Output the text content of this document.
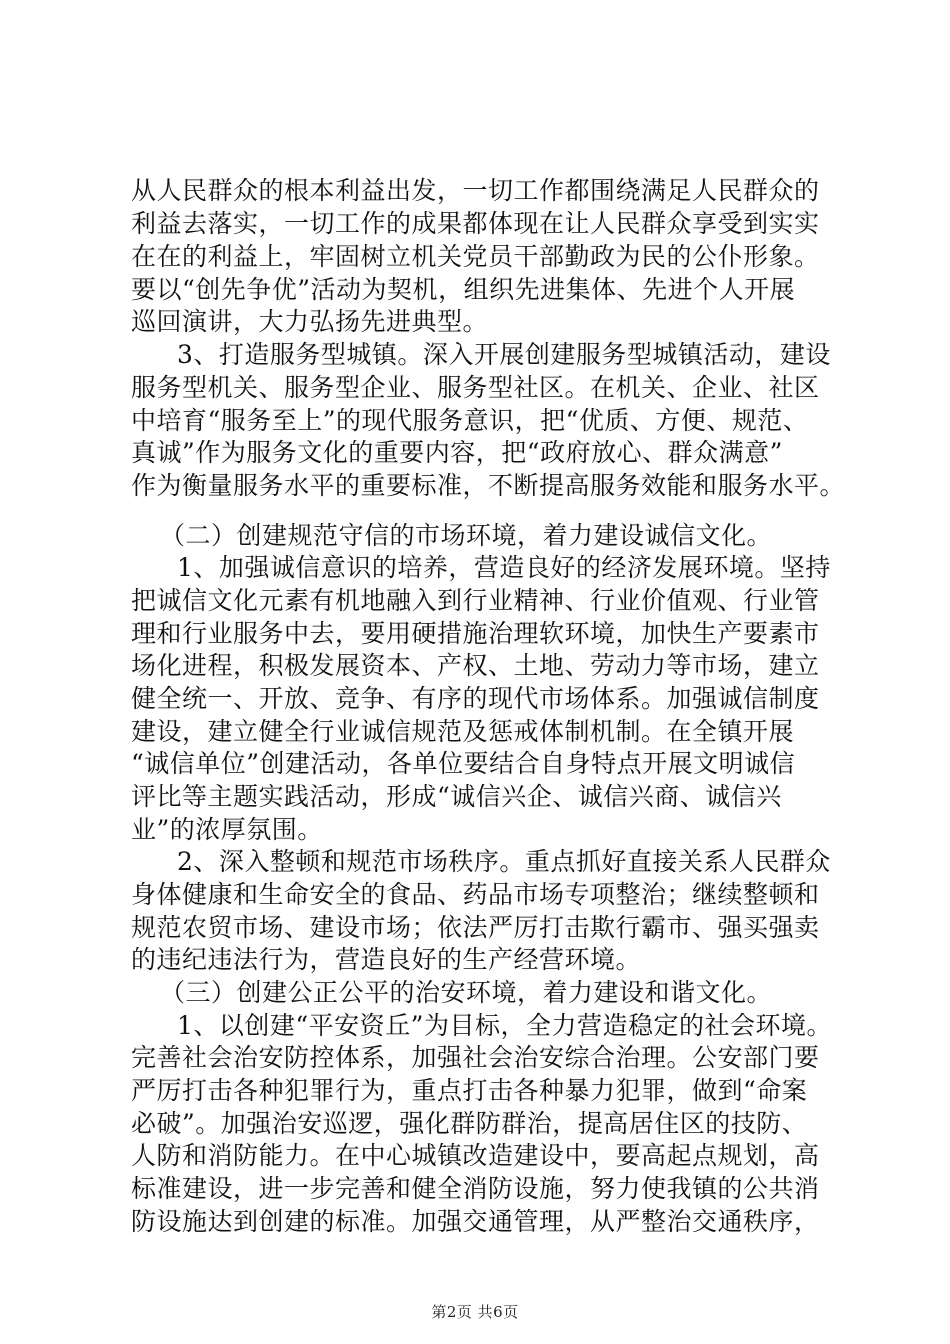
从人民群众的根本利益出发，一切工作都围绕满足人民群众的
利益去落实，一切工作的成果都体现在让人民群众享受到实实
在在的利益上，牢固树立机关党员干部勤政为民的公仆形象。
要以“创先争优”活动为契机，组织先进集体、先进个人开展
巡回演讲，大力弘扬先进典型。
3、打造服务型城镇。深入开展创建服务型城镇活动，建设
服务型机关、服务型企业、服务型社区。在机关、企业、社区
中培育“服务至上”的现代服务意识，把“优质、方便、规范、
真诚”作为服务文化的重要内容，把“政府放心、群众满意”
作为衡量服务水平的重要标准，不断提高服务效能和服务水平。
（二）创建规范守信的市场环境，着力建设诚信文化。
1、加强诚信意识的培养，营造良好的经济发展环境。坚持
把诚信文化元素有机地融入到行业精神、行业价值观、行业管
理和行业服务中去，要用硬措施治理软环境，加快生产要素市
场化进程，积极发展资本、产权、土地、劳动力等市场，建立
健全统一、开放、竞争、有序的现代市场体系。加强诚信制度
建设，建立健全行业诚信规范及惩戒体制机制。在全镇开展
“诚信单位”创建活动，各单位要结合自身特点开展文明诚信
评比等主题实践活动，形成“诚信兴企、诚信兴商、诚信兴
业”的浓厚氛围。
2、深入整顿和规范市场秩序。重点抓好直接关系人民群众
身体健康和生命安全的食品、药品市场专项整治；继续整顿和
规范农贸市场、建设市场；依法严厉打击欺行霸市、强买强卖
的违纪违法行为，营造良好的生产经营环境。
（三）创建公正公平的治安环境，着力建设和谐文化。
1、以创建“平安资丘”为目标，全力营造稳定的社会环境。
完善社会治安防控体系，加强社会治安综合治理。公安部门要
严厉打击各种犯罪行为，重点打击各种暴力犯罪，做到“命案
必破”。加强治安巡逻，强化群防群治，提高居住区的技防、
人防和消防能力。在中心城镇改造建设中，要高起点规划，高
标准建设，进一步完善和健全消防设施，努力使我镇的公共消
防设施达到创建的标准。加强交通管理，从严整治交通秩序，
第2页 共6页
